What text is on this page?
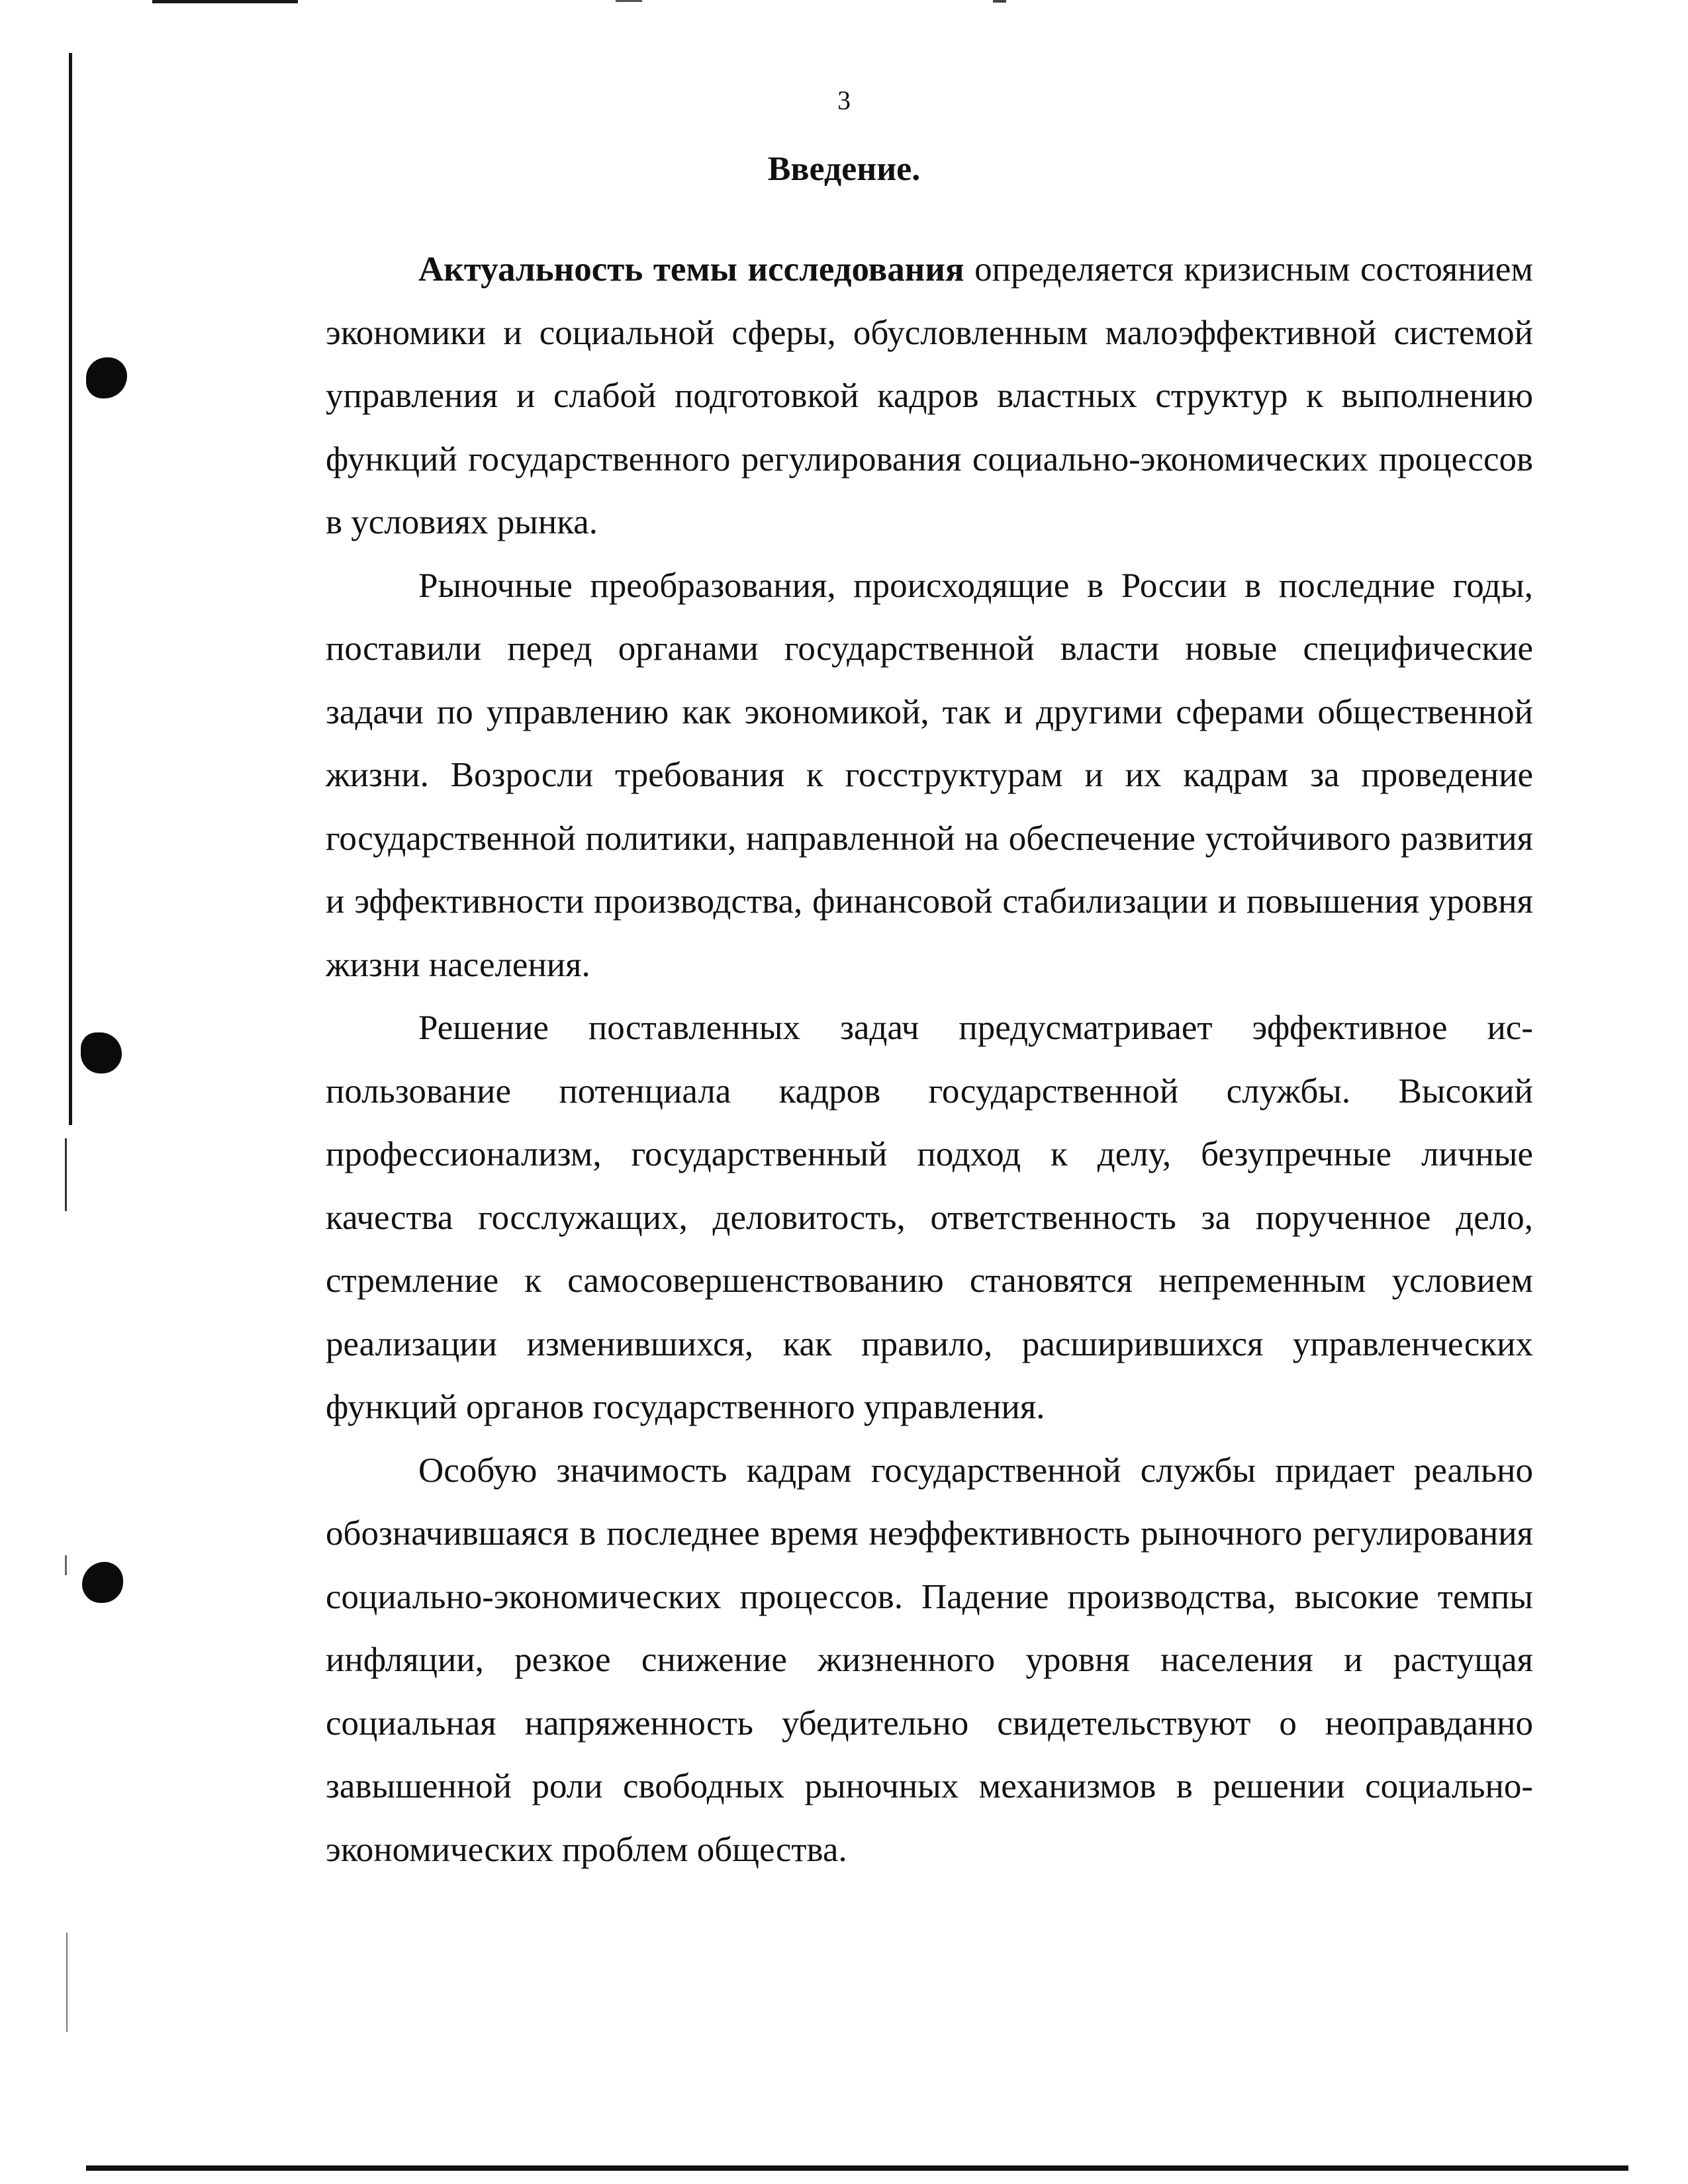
3
Введение.

Актуальность темы исследования определяется кризисным состоянием экономики и социальной сферы, обусловленным малоэффективной системой управления и слабой подготовкой кадров властных структур к выполнению функций государственного регулирования социально-экономических процессов в условиях рынка.

Рыночные преобразования, происходящие в России в последние годы, поставили перед органами государственной власти новые специфические задачи по управлению как экономикой, так и другими сферами общественной жизни. Возросли требования к госструктурам и их кадрам за проведение государственной политики, направленной на обеспечение устойчивого развития и эффективности производства, финансовой стабилизации и повышения уровня жизни населения.

Решение поставленных задач предусматривает эффективное использование потенциала кадров государственной службы. Высокий профессионализм, государственный подход к делу, безупречные личные качества госслужащих, деловитость, ответственность за порученное дело, стремление к самосовершенствованию становятся непременным условием реализации изменившихся, как правило, расширившихся управленческих функций органов государственного управления.

Особую значимость кадрам государственной службы придает реально обозначившаяся в последнее время неэффективность рыночного регулирования социально-экономических процессов. Падение производства, высокие темпы инфляции, резкое снижение жизненного уровня населения и растущая социальная напряженность убедительно свидетельствуют о неоправданно завышенной роли свободных рыночных механизмов в решении социально-экономических проблем общества.
